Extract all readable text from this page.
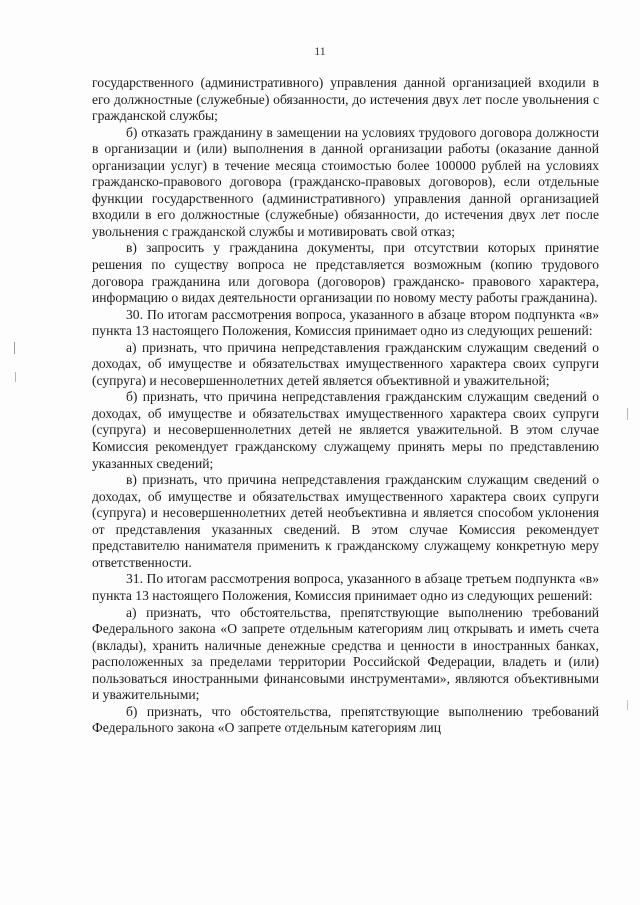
11

государственного (административного) управления данной организацией входили в его должностные (служебные) обязанности, до истечения двух лет после увольнения с гражданской службы;

б) отказать гражданину в замещении на условиях трудового договора должности в организации и (или) выполнения в данной организации работы (оказание данной организации услуг) в течение месяца стоимостью более 100000 рублей на условиях гражданско-правового договора (гражданско-правовых договоров), если отдельные функции государственного (административного) управления данной организацией входили в его должностные (служебные) обязанности, до истечения двух лет после увольнения с гражданской службы и мотивировать свой отказ;

в) запросить у гражданина документы, при отсутствии которых принятие решения по существу вопроса не представляется возможным (копию трудового договора гражданина или договора (договоров) гражданско- правового характера, информацию о видах деятельности организации по новому месту работы гражданина).

30. По итогам рассмотрения вопроса, указанного в абзаце втором подпункта «в» пункта 13 настоящего Положения, Комиссия принимает одно из следующих решений:

а) признать, что причина непредставления гражданским служащим сведений о доходах, об имуществе и обязательствах имущественного характера своих супруги (супруга) и несовершеннолетних детей является объективной и уважительной;

б) признать, что причина непредставления гражданским служащим сведений о доходах, об имуществе и обязательствах имущественного характера своих супруги (супруга) и несовершеннолетних детей не является уважительной. В этом случае Комиссия рекомендует гражданскому служащему принять меры по представлению указанных сведений;

в) признать, что причина непредставления гражданским служащим сведений о доходах, об имуществе и обязательствах имущественного характера своих супруги (супруга) и несовершеннолетних детей необъективна и является способом уклонения от представления указанных сведений. В этом случае Комиссия рекомендует представителю нанимателя применить к гражданскому служащему конкретную меру ответственности.

31. По итогам рассмотрения вопроса, указанного в абзаце третьем подпункта «в» пункта 13 настоящего Положения, Комиссия принимает одно из следующих решений:

а) признать, что обстоятельства, препятствующие выполнению требований Федерального закона «О запрете отдельным категориям лиц открывать и иметь счета (вклады), хранить наличные денежные средства и ценности в иностранных банках, расположенных за пределами территории Российской Федерации, владеть и (или) пользоваться иностранными финансовыми инструментами», являются объективными и уважительными;

б) признать, что обстоятельства, препятствующие выполнению требований Федерального закона «О запрете отдельным категориям лиц
